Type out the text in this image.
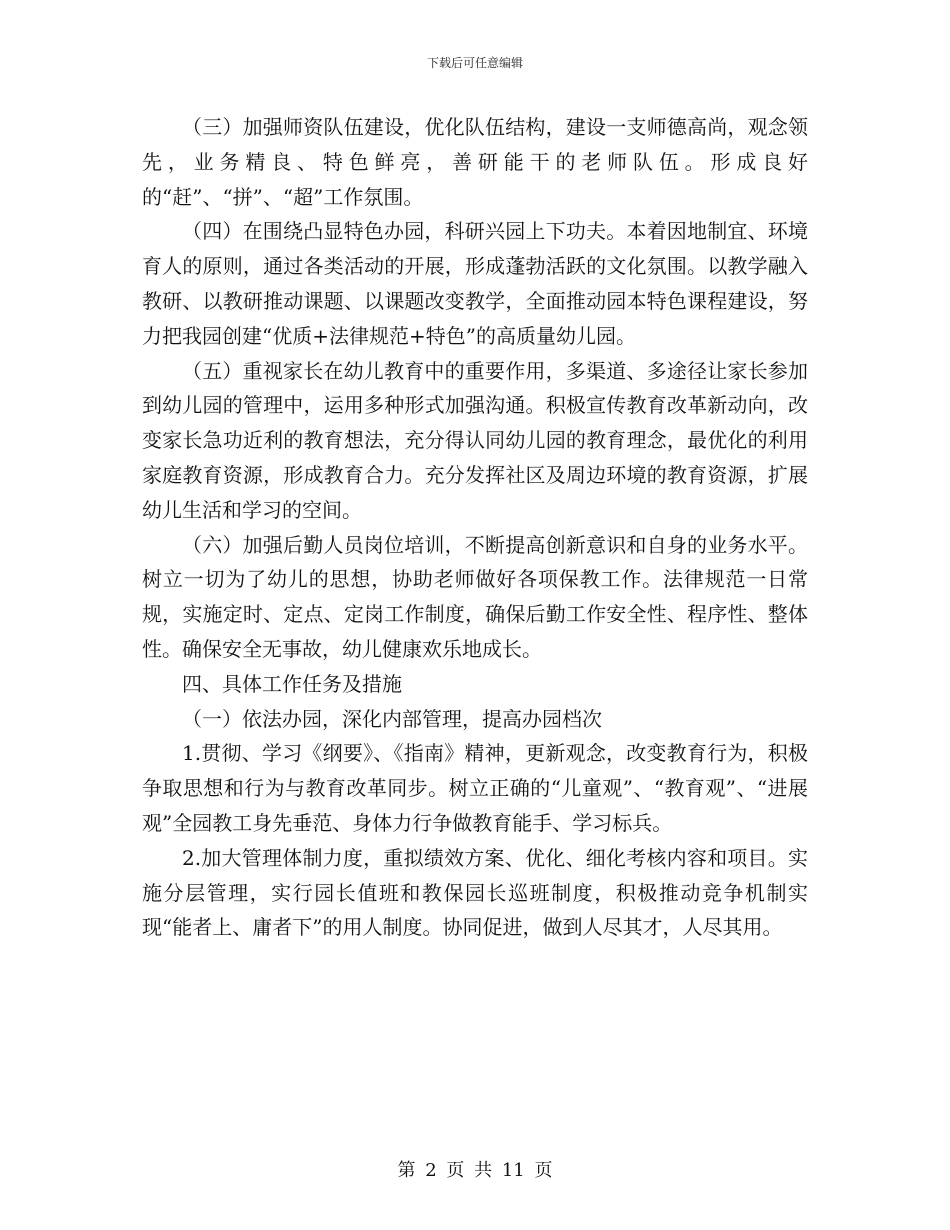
下载后可任意编辑

（三）加强师资队伍建设，优化队伍结构，建设一支师德高尚，观念领先，业务精良、特色鲜亮，善研能干的老师队伍。形成良好的“赶”、“拼”、“超”工作氛围。

（四）在围绕凸显特色办园，科研兴园上下功夫。本着因地制宜、环境育人的原则，通过各类活动的开展，形成蓬勃活跃的文化氛围。以教学融入教研、以教研推动课题、以课题改变教学，全面推动园本特色课程建设，努力把我园创建“优质+法律规范+特色”的高质量幼儿园。

（五）重视家长在幼儿教育中的重要作用，多渠道、多途径让家长参加到幼儿园的管理中，运用多种形式加强沟通。积极宣传教育改革新动向，改变家长急功近利的教育想法，充分得认同幼儿园的教育理念，最优化的利用家庭教育资源，形成教育合力。充分发挥社区及周边环境的教育资源，扩展幼儿生活和学习的空间。

（六）加强后勤人员岗位培训，不断提高创新意识和自身的业务水平。树立一切为了幼儿的思想，协助老师做好各项保教工作。法律规范一日常规，实施定时、定点、定岗工作制度，确保后勤工作安全性、程序性、整体性。确保安全无事故，幼儿健康欢乐地成长。

四、具体工作任务及措施

（一）依法办园，深化内部管理，提高办园档次

1.贯彻、学习《纲要》、《指南》精神，更新观念，改变教育行为，积极争取思想和行为与教育改革同步。树立正确的“儿童观”、“教育观”、“进展观”全园教工身先垂范、身体力行争做教育能手、学习标兵。

2.加大管理体制力度，重拟绩效方案、优化、细化考核内容和项目。实施分层管理，实行园长值班和教保园长巡班制度，积极推动竞争机制实现“能者上、庸者下”的用人制度。协同促进，做到人尽其才，人尽其用。

第 2 页 共 11 页
